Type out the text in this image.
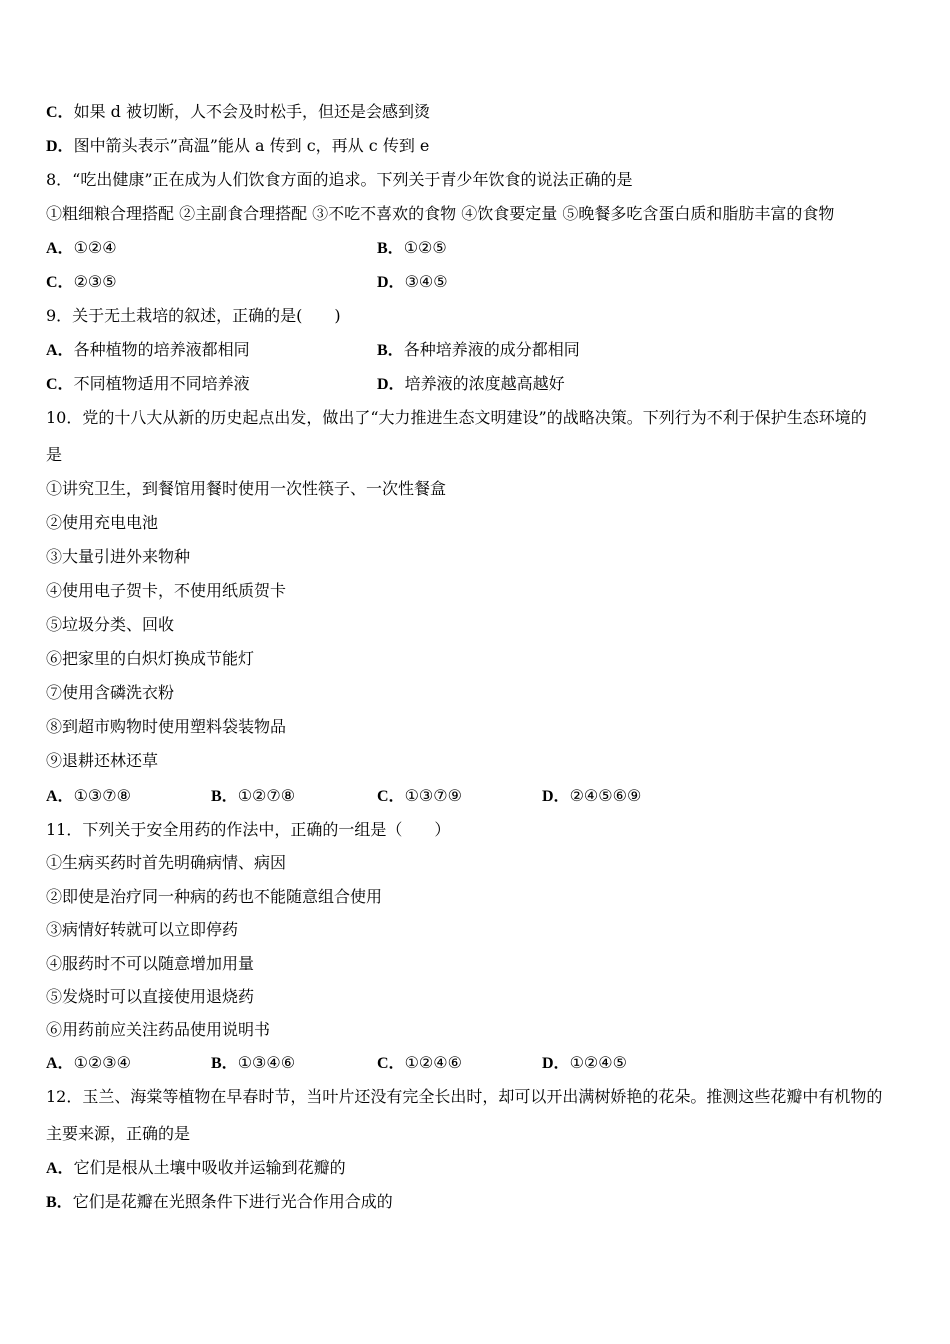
C．如果 d 被切断，人不会及时松手，但还是会感到烫
D．图中箭头表示”高温”能从 a 传到 c，再从 c 传到 e
8．“吃出健康”正在成为人们饮食方面的追求。下列关于青少年饮食的说法正确的是
①粗细粮合理搭配 ②主副食合理搭配 ③不吃不喜欢的食物 ④饮食要定量 ⑤晚餐多吃含蛋白质和脂肪丰富的食物
A．①②④	B．①②⑤
C．②③⑤	D．③④⑤
9．关于无土栽培的叙述，正确的是(　　)
A．各种植物的培养液都相同	B．各种培养液的成分都相同
C．不同植物适用不同培养液	D．培养液的浓度越高越好
10．党的十八大从新的历史起点出发，做出了“大力推进生态文明建设”的战略决策。下列行为不利于保护生态环境的
是
①讲究卫生，到餐馆用餐时使用一次性筷子、一次性餐盒
②使用充电电池
③大量引进外来物种
④使用电子贺卡，不使用纸质贺卡
⑤垃圾分类、回收
⑥把家里的白炽灯换成节能灯
⑦使用含磷洗衣粉
⑧到超市购物时使用塑料袋装物品
⑨退耕还林还草
A．①③⑦⑧	B．①②⑦⑧	C．①③⑦⑨	D．②④⑤⑥⑨
11．下列关于安全用药的作法中，正确的一组是（　　）
①生病买药时首先明确病情、病因
②即使是治疗同一种病的药也不能随意组合使用
③病情好转就可以立即停药
④服药时不可以随意增加用量
⑤发烧时可以直接使用退烧药
⑥用药前应关注药品使用说明书
A．①②③④	B．①③④⑥	C．①②④⑥	D．①②④⑤
12．玉兰、海棠等植物在早春时节，当叶片还没有完全长出时，却可以开出满树娇艳的花朵。推测这些花瓣中有机物的
主要来源，正确的是
A．它们是根从土壤中吸收并运输到花瓣的
B．它们是花瓣在光照条件下进行光合作用合成的
